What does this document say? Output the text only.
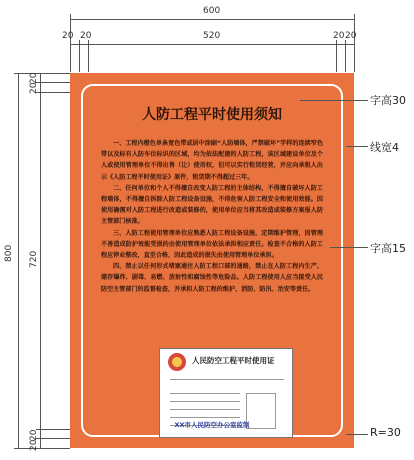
600
20 20	520	20 20
800
20
20
720
20
20
人防工程平时使用须知

一、工程内橙色单条宽色带或居中涂刷“人防墙体，严禁破坏”字样的连续窄色带以及标有人防车位标识的区域，均为依法配建的人防工程，该区域建设单位及个人或使用管理单位不得出售（让）使用权，但可以实行租赁经营，并应向承租人出示《人防工程平时使用证》原件，租赁期不得超过三年。

二、任何单位和个人不得擅自改变人防工程的主体结构，不得擅自破坏人防工程墙体，不得擅自拆除人防工程设备设施，不得危害人防工程安全和使用效能。因使用确需对人防工程进行改造或装修的，使用单位应当将其改造或装修方案报人防主管部门核准。

三、人防工程使用管理单位应熟悉人防工程设备设施，定期维护管理，因管理不善造成防护效能受损的由使用管理单位依法承担相应责任。检查不合格的人防工程应停业整改，直至合格，因此造成的损失由使用管理单位承担。

四、禁止以任何形式堵塞通往人防工程口部的通路，禁止在人防工程内生产、储存爆炸、剧毒、易燃、放射性和腐蚀性等危险品。人防工程使用人应当接受人民防空主管部门的监督检查，并承担人防工程的维护、消防、防汛、治安等责任。

人民防空工程平时使用证
XX市人民防空办公室监制
字高30
线宽4
字高15
R=30
